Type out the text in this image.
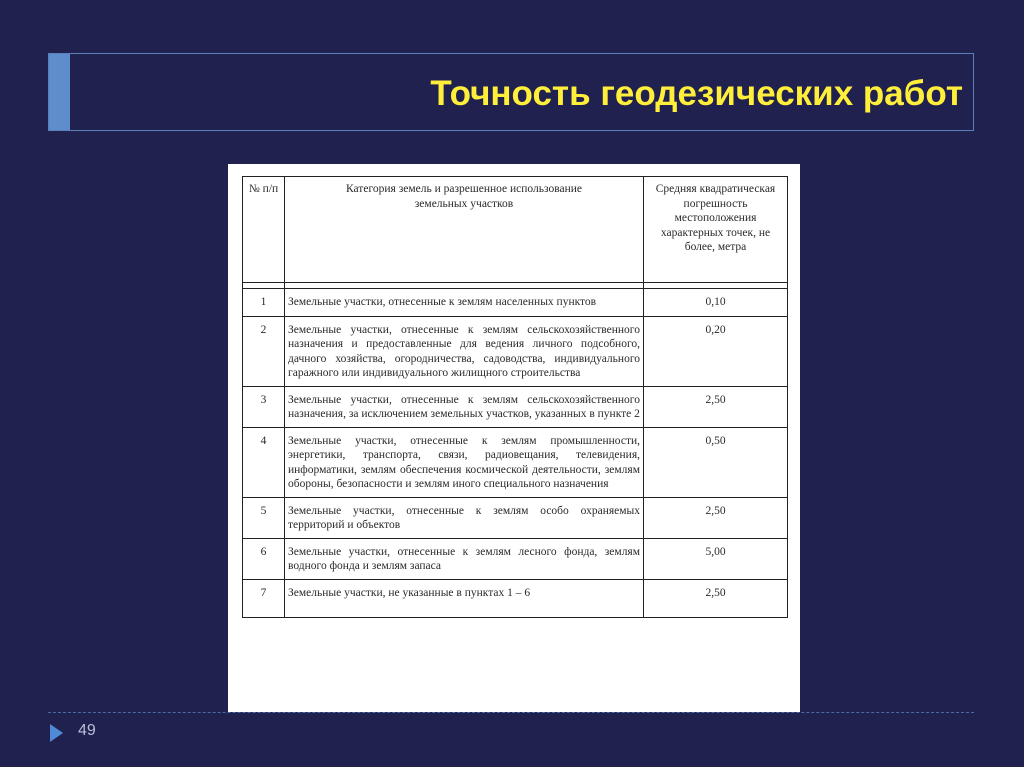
Точность геодезических работ
№ п/п	Категория земель и разрешенное использование земельных участков	Средняя квадратическая погрешность местоположения характерных точек, не более, метра

1	Земельные участки, отнесенные к землям населенных пунктов	0,10
2	Земельные участки, отнесенные к землям сельскохозяйственного назначения и предоставленные для ведения личного подсобного, дачного хозяйства, огородничества, садоводства, индивидуального гаражного или индивидуального жилищного строительства	0,20
3	Земельные участки, отнесенные к землям сельскохозяйственного назначения, за исключением земельных участков, указанных в пункте 2	2,50
4	Земельные участки, отнесенные к землям промышленности, энергетики, транспорта, связи, радиовещания, телевидения, информатики, землям обеспечения космической деятельности, землям обороны, безопасности и землям иного специального назначения	0,50
5	Земельные участки, отнесенные к землям особо охраняемых территорий и объектов	2,50
6	Земельные участки, отнесенные к землям лесного фонда, землям водного фонда и землям запаса	5,00
7	Земельные участки, не указанные в пунктах 1 – 6	2,50
49
